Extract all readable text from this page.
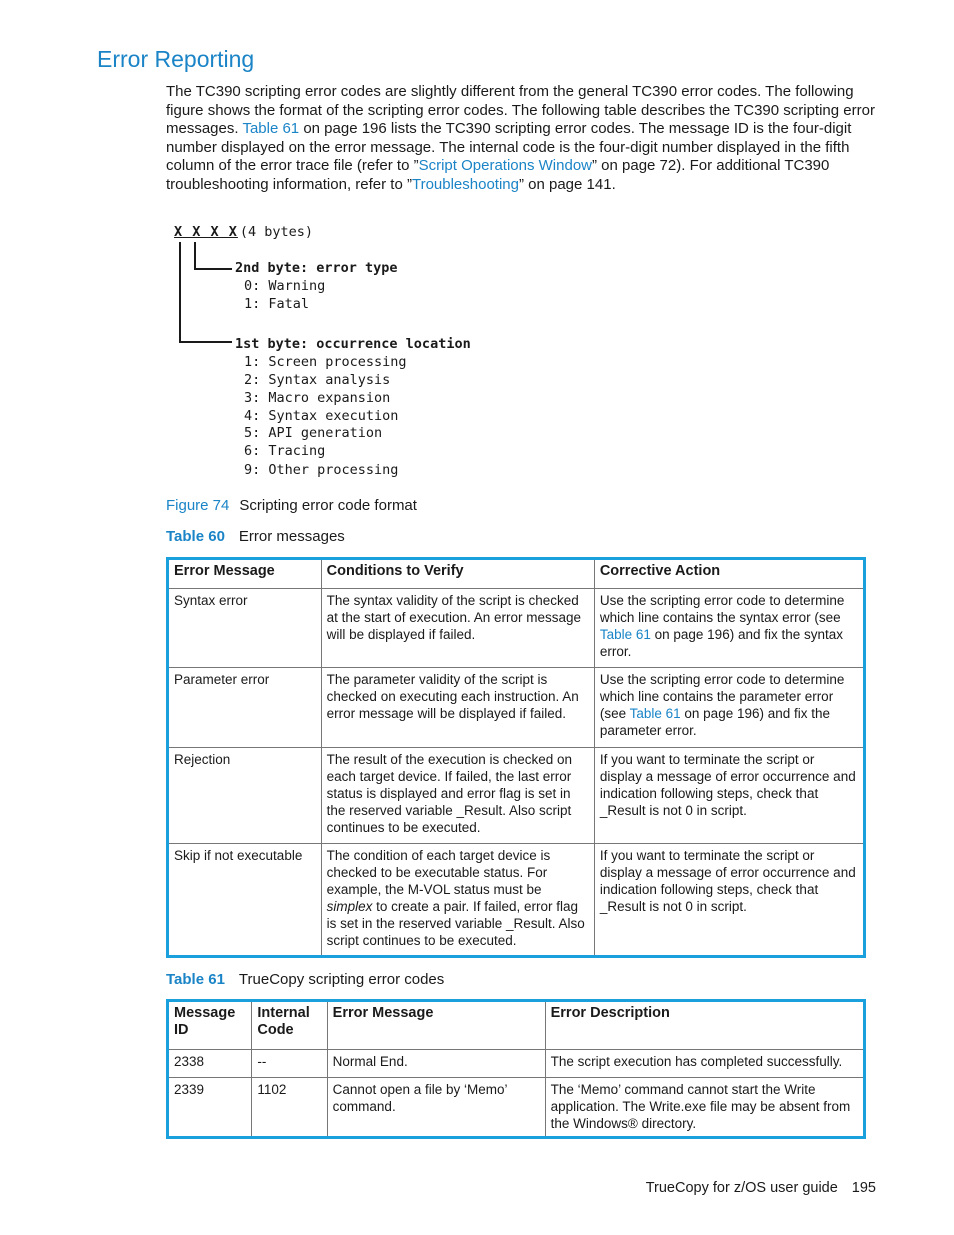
Error Reporting

The TC390 scripting error codes are slightly different from the general TC390 error codes. The following figure shows the format of the scripting error codes. The following table describes the TC390 scripting error messages. Table 61 on page 196 lists the TC390 scripting error codes. The message ID is the four-digit number displayed on the error message. The internal code is the four-digit number displayed in the fifth column of the error trace file (refer to ”Script Operations Window” on page 72). For additional TC390 troubleshooting information, refer to ”Troubleshooting” on page 141.

X X X X (4 bytes)
2nd byte: error type
0: Warning
1: Fatal
1st byte: occurrence location
1: Screen processing
2: Syntax analysis
3: Macro expansion
4: Syntax execution
5: API generation
6: Tracing
9: Other processing

Figure 74 Scripting error code format

Table 60 Error messages

Error Message	Conditions to Verify	Corrective Action
Syntax error	The syntax validity of the script is checked at the start of execution. An error message will be displayed if failed.	Use the scripting error code to determine which line contains the syntax error (see Table 61 on page 196) and fix the syntax error.
Parameter error	The parameter validity of the script is checked on executing each instruction. An error message will be displayed if failed.	Use the scripting error code to determine which line contains the parameter error (see Table 61 on page 196) and fix the parameter error.
Rejection	The result of the execution is checked on each target device. If failed, the last error status is displayed and error flag is set in the reserved variable _Result. Also script continues to be executed.	If you want to terminate the script or display a message of error occurrence and indication following steps, check that _Result is not 0 in script.
Skip if not executable	The condition of each target device is checked to be executable status. For example, the M-VOL status must be simplex to create a pair. If failed, error flag is set in the reserved variable _Result. Also script continues to be executed.	If you want to terminate the script or display a message of error occurrence and indication following steps, check that _Result is not 0 in script.

Table 61 TrueCopy scripting error codes

Message ID	Internal Code	Error Message	Error Description
2338	--	Normal End.	The script execution has completed successfully.
2339	1102	Cannot open a file by ‘Memo’ command.	The ‘Memo’ command cannot start the Write application. The Write.exe file may be absent from the Windows® directory.
TrueCopy for z/OS user guide 195
